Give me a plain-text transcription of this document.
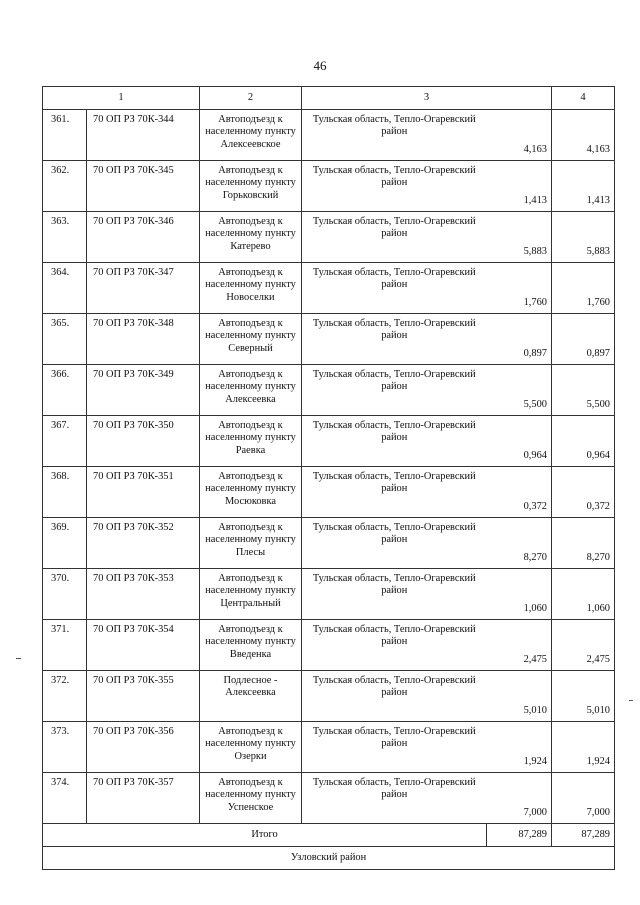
46
1		2	3		4
361.	70 ОП РЗ 70К-344	Автоподъезд к
населенному пункту
Алексеевское	Тульская область, Тепло-Огаревский
район	4,163	4,163
362.	70 ОП РЗ 70К-345	Автоподъезд к
населенному пункту
Горьковский	Тульская область, Тепло-Огаревский
район	1,413	1,413
363.	70 ОП РЗ 70К-346	Автоподъезд к
населенному пункту
Катерево	Тульская область, Тепло-Огаревский
район	5,883	5,883
364.	70 ОП РЗ 70К-347	Автоподъезд к
населенному пункту
Новоселки	Тульская область, Тепло-Огаревский
район	1,760	1,760
365.	70 ОП РЗ 70К-348	Автоподъезд к
населенному пункту
Северный	Тульская область, Тепло-Огаревский
район	0,897	0,897
366.	70 ОП РЗ 70К-349	Автоподъезд к
населенному пункту
Алексеевка	Тульская область, Тепло-Огаревский
район	5,500	5,500
367.	70 ОП РЗ 70К-350	Автоподъезд к
населенному пункту
Раевка	Тульская область, Тепло-Огаревский
район	0,964	0,964
368.	70 ОП РЗ 70К-351	Автоподъезд к
населенному пункту
Мосюковка	Тульская область, Тепло-Огаревский
район	0,372	0,372
369.	70 ОП РЗ 70К-352	Автоподъезд к
населенному пункту
Плесы	Тульская область, Тепло-Огаревский
район	8,270	8,270
370.	70 ОП РЗ 70К-353	Автоподъезд к
населенному пункту
Центральный	Тульская область, Тепло-Огаревский
район	1,060	1,060
371.	70 ОП РЗ 70К-354	Автоподъезд к
населенному пункту
Введенка	Тульская область, Тепло-Огаревский
район	2,475	2,475
372.	70 ОП РЗ 70К-355	Подлесное -
Алексеевка	Тульская область, Тепло-Огаревский
район	5,010	5,010
373.	70 ОП РЗ 70К-356	Автоподъезд к
населенному пункту
Озерки	Тульская область, Тепло-Огаревский
район	1,924	1,924
374.	70 ОП РЗ 70К-357	Автоподъезд к
населенному пункту
Успенское	Тульская область, Тепло-Огаревский
район	7,000	7,000
Итого				87,289	87,289
Узловский район					
